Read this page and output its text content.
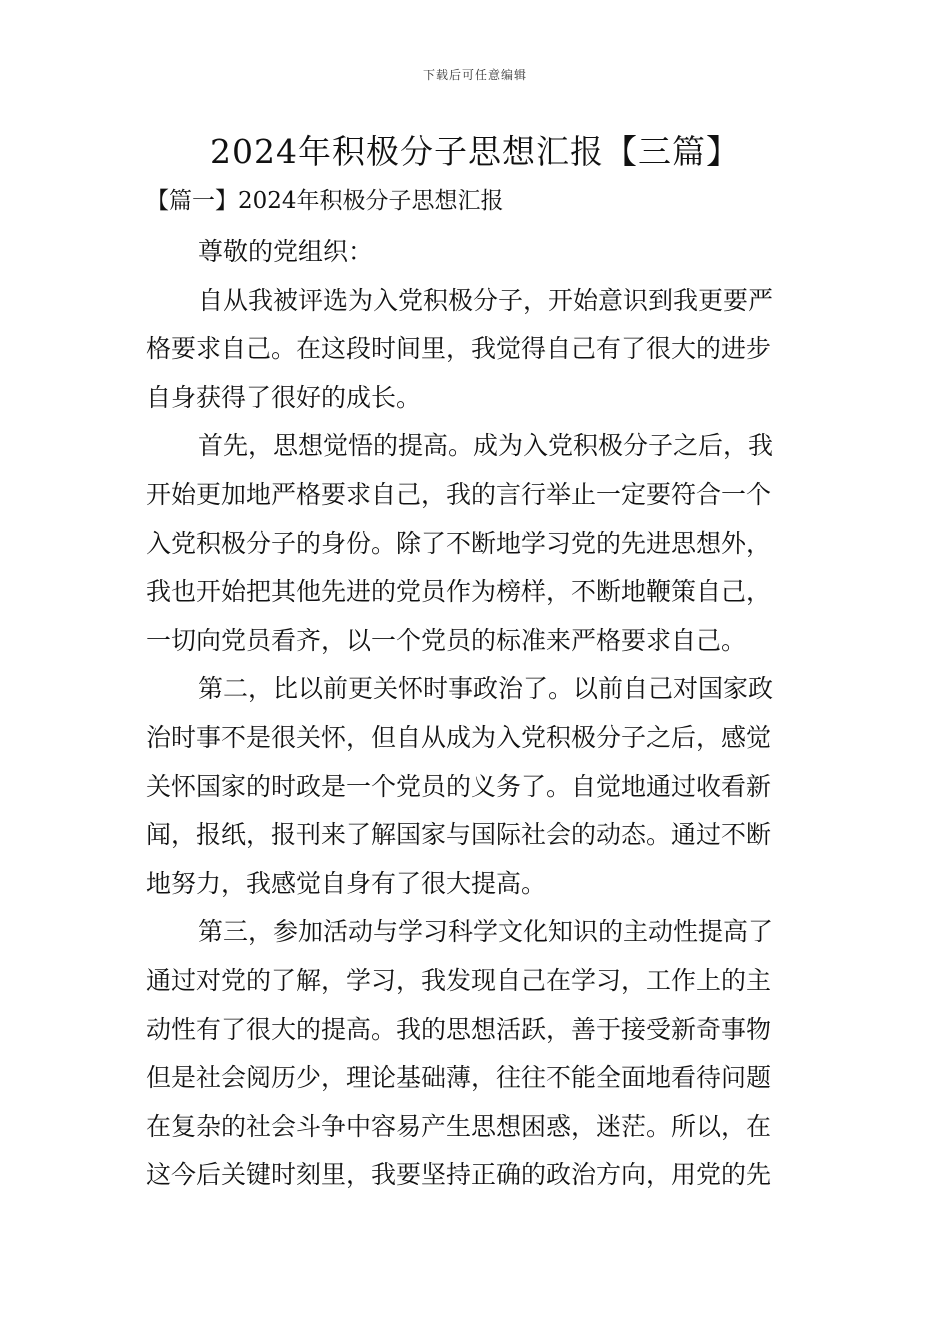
下载后可任意编辑
2024年积极分子思想汇报【三篇】
【篇一】2024年积极分子思想汇报
尊敬的党组织：
自从我被评选为入党积极分子，开始意识到我更要严
格要求自己。在这段时间里，我觉得自己有了很大的进步
自身获得了很好的成长。
首先，思想觉悟的提高。成为入党积极分子之后，我
开始更加地严格要求自己，我的言行举止一定要符合一个
入党积极分子的身份。除了不断地学习党的先进思想外，
我也开始把其他先进的党员作为榜样，不断地鞭策自己，
一切向党员看齐，以一个党员的标准来严格要求自己。
第二，比以前更关怀时事政治了。以前自己对国家政
治时事不是很关怀，但自从成为入党积极分子之后，感觉
关怀国家的时政是一个党员的义务了。自觉地通过收看新
闻，报纸，报刊来了解国家与国际社会的动态。通过不断
地努力，我感觉自身有了很大提高。
第三，参加活动与学习科学文化知识的主动性提高了
通过对党的了解，学习，我发现自己在学习，工作上的主
动性有了很大的提高。我的思想活跃，善于接受新奇事物
但是社会阅历少，理论基础薄，往往不能全面地看待问题
在复杂的社会斗争中容易产生思想困惑，迷茫。所以，在
这今后关键时刻里，我要坚持正确的政治方向，用党的先
